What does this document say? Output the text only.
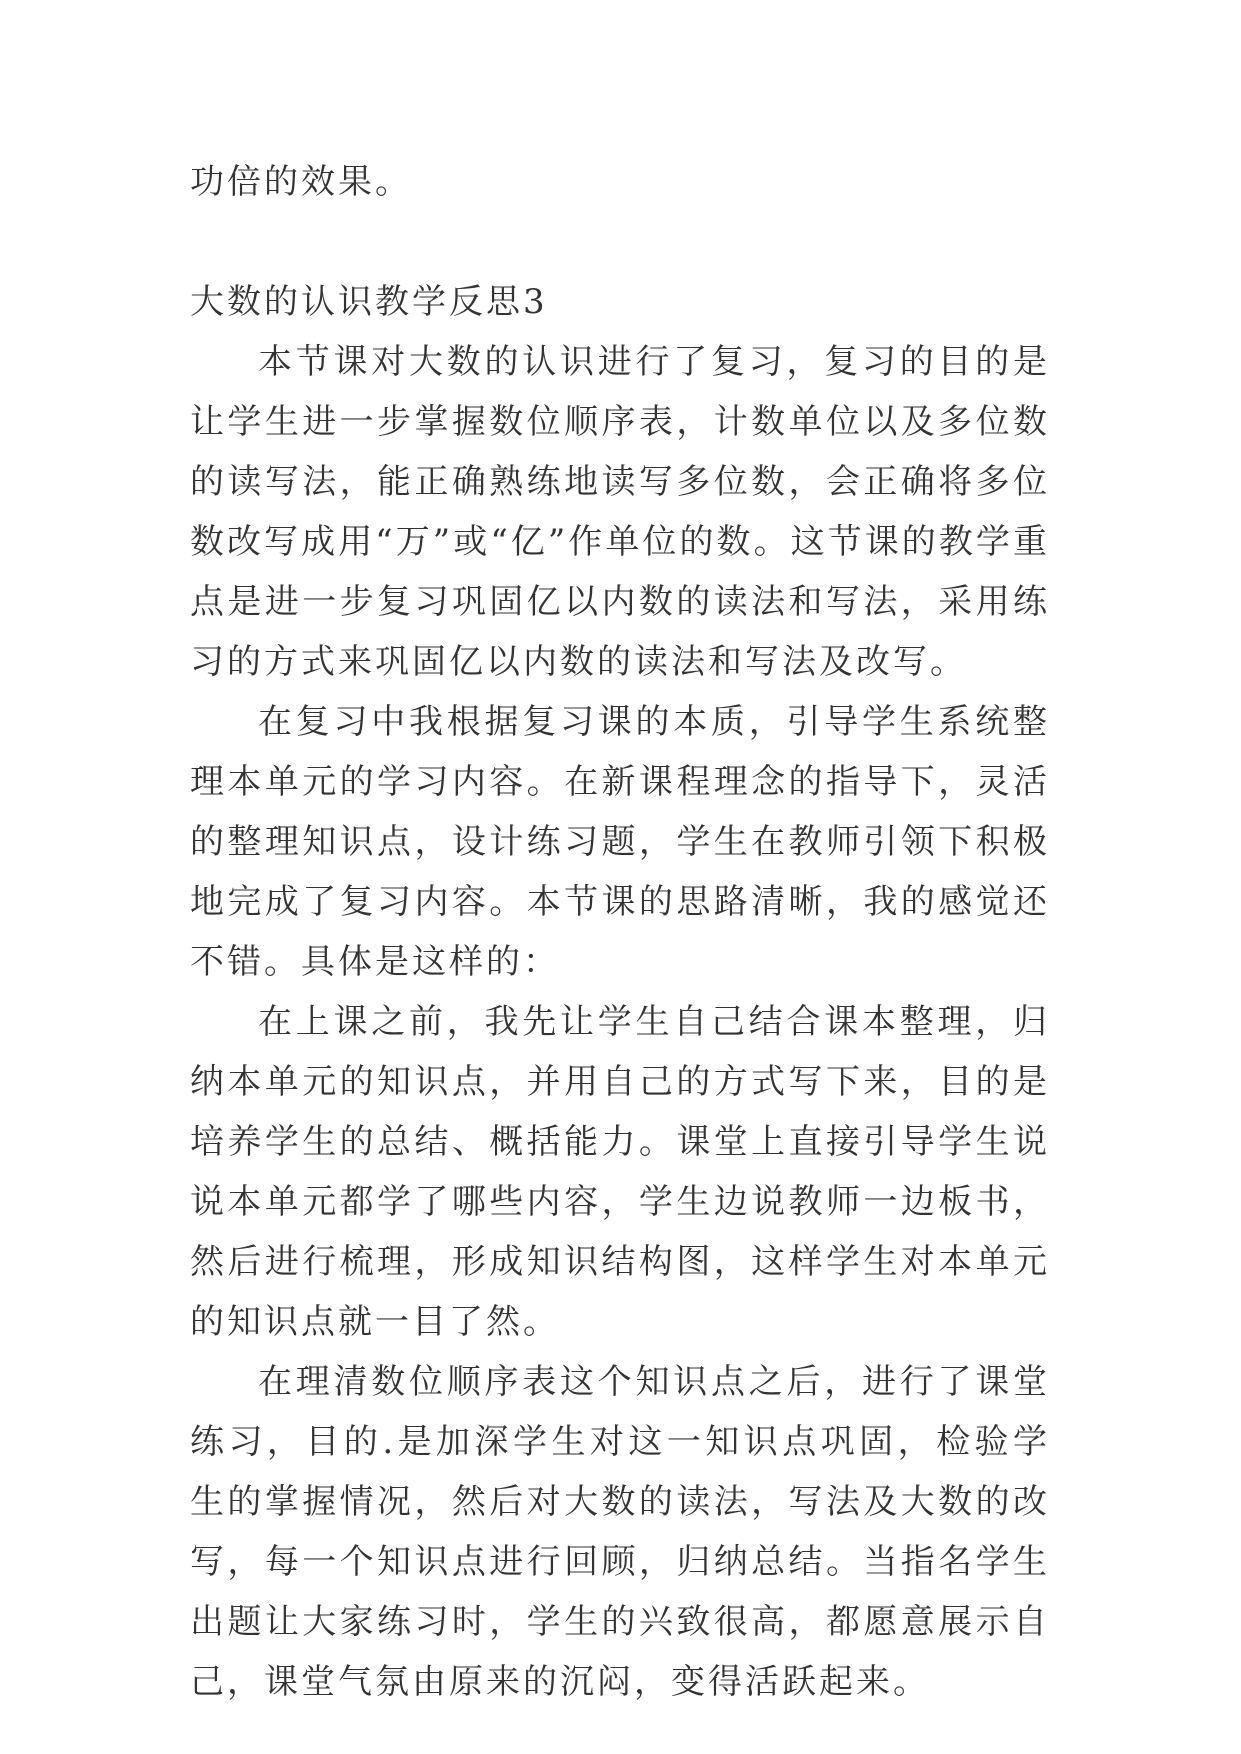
功倍的效果。

大数的认识教学反思3

本节课对大数的认识进行了复习，复习的目的是让学生进一步掌握数位顺序表，计数单位以及多位数的读写法，能正确熟练地读写多位数，会正确将多位数改写成用“万”或“亿”作单位的数。这节课的教学重点是进一步复习巩固亿以内数的读法和写法，采用练习的方式来巩固亿以内数的读法和写法及改写。

在复习中我根据复习课的本质，引导学生系统整理本单元的学习内容。在新课程理念的指导下，灵活的整理知识点，设计练习题，学生在教师引领下积极地完成了复习内容。本节课的思路清晰，我的感觉还不错。具体是这样的：

在上课之前，我先让学生自己结合课本整理，归纳本单元的知识点，并用自己的方式写下来，目的是培养学生的总结、概括能力。课堂上直接引导学生说说本单元都学了哪些内容，学生边说教师一边板书，然后进行梳理，形成知识结构图，这样学生对本单元的知识点就一目了然。

在理清数位顺序表这个知识点之后，进行了课堂练习，目的.是加深学生对这一知识点巩固，检验学生的掌握情况，然后对大数的读法，写法及大数的改写，每一个知识点进行回顾，归纳总结。当指名学生出题让大家练习时，学生的兴致很高，都愿意展示自己，课堂气氛由原来的沉闷，变得活跃起来。
